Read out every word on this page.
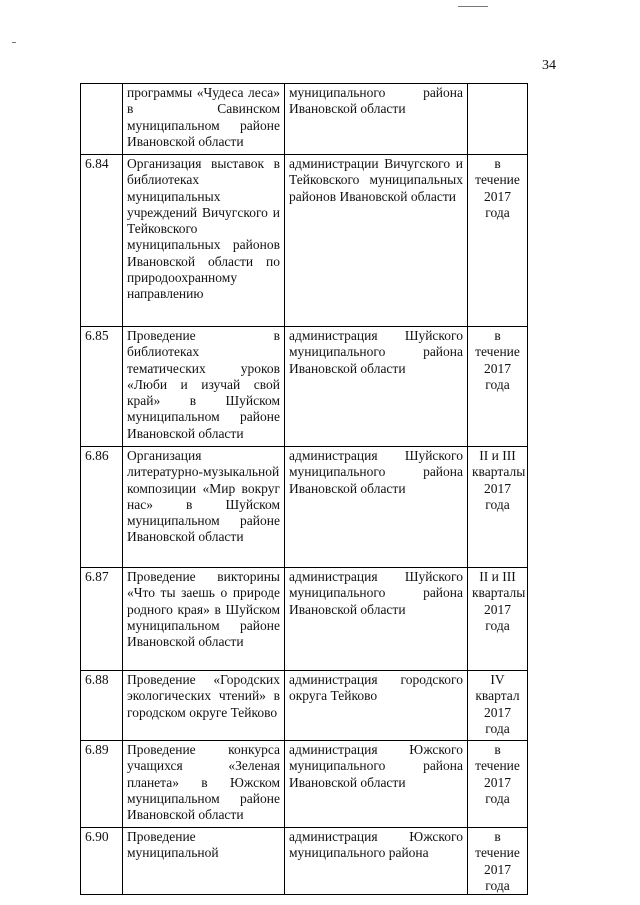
34
	программы «Чудеса леса» в Савинском муниципальном районе Ивановской области	муниципального района Ивановской области	
6.84	Организация выставок в библиотеках муниципальных учреждений Вичугского и Тейковского муниципальных районов Ивановской области по природоохранному направлению	администрации Вичугского и Тейковского муниципальных районов Ивановской области	в течение 2017 года
6.85	Проведение в библиотеках тематических уроков «Люби и изучай свой край» в Шуйском муниципальном районе Ивановской области	администрация Шуйского муниципального района Ивановской области	в течение 2017 года
6.86	Организация литературно-музыкальной композиции «Мир вокруг нас» в Шуйском муниципальном районе Ивановской области	администрация Шуйского муниципального района Ивановской области	II и III кварталы 2017 года
6.87	Проведение викторины «Что ты заешь о природе родного края» в Шуйском муниципальном районе Ивановской области	администрация Шуйского муниципального района Ивановской области	II и III кварталы 2017 года
6.88	Проведение «Городских экологических чтений» в городском округе Тейково	администрация городского округа Тейково	IV квартал 2017 года
6.89	Проведение конкурса учащихся «Зеленая планета» в Южском муниципальном районе Ивановской области	администрация Южского муниципального района Ивановской области	в течение 2017 года
6.90	Проведение муниципальной	администрация Южского муниципального района	в течение 2017 года
